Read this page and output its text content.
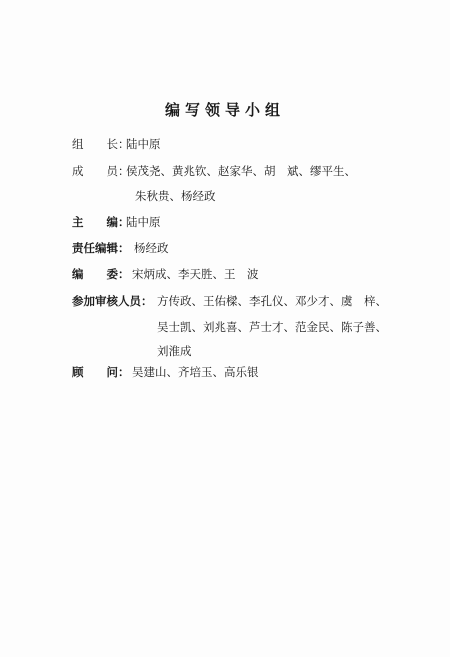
编写领导小组
组　　长：
陆中原
成　　员：
侯茂尧、黄兆钦、赵家华、胡　斌、缪平生、
朱秋贵、杨经政
主　　编：
陆中原
责任编辑： 杨经政
编　　委： 宋炳成、李天胜、王　波
参加审核人员： 方传政、王佑樑、李孔仪、邓少才、虞　梓、
吴士凯、刘兆喜、芦士才、范金民、陈子善、
刘淮成
顾　　问： 吴建山、齐培玉、高乐银
